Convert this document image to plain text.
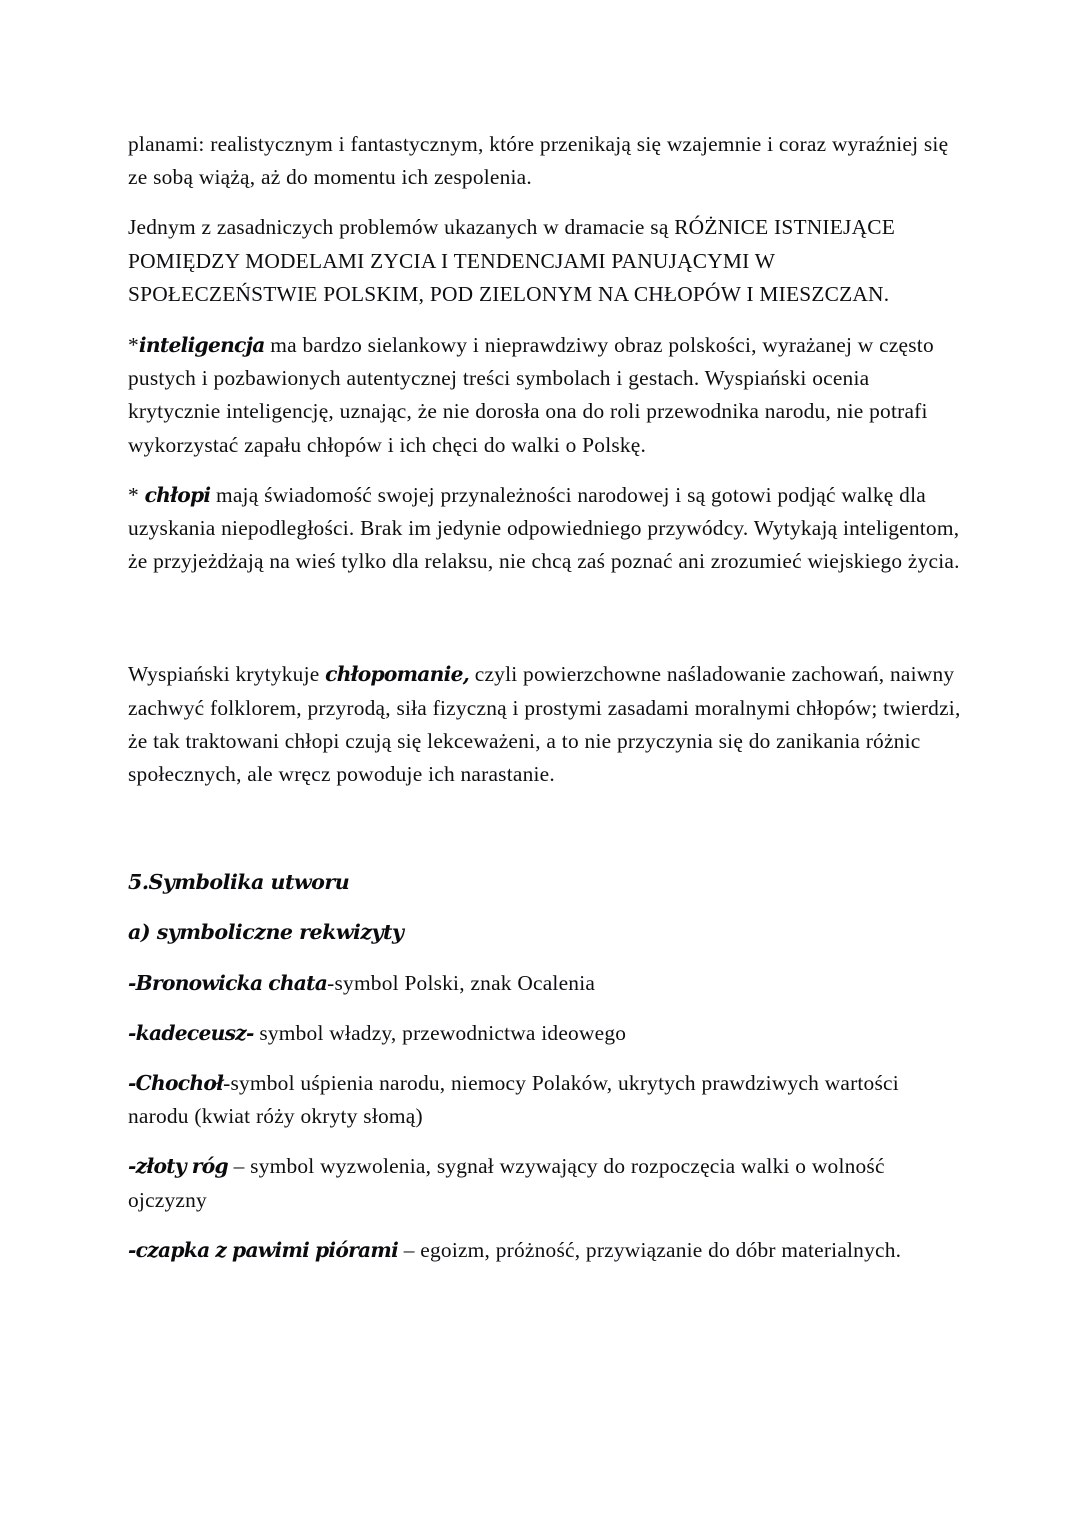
planami: realistycznym i fantastycznym, które przenikają się wzajemnie i coraz wyraźniej się ze sobą wiążą, aż do momentu ich zespolenia.

Jednym z zasadniczych problemów ukazanych w dramacie są RÓŻNICE ISTNIEJĄCE POMIĘDZY MODELAMI ZYCIA I TENDENCJAMI PANUJĄCYMI W SPOŁECZEŃSTWIE POLSKIM, POD ZIELONYM NA CHŁOPÓW I MIESZCZAN.

*inteligencja ma bardzo sielankowy i nieprawdziwy obraz polskości, wyrażanej w często pustych i pozbawionych autentycznej treści symbolach i gestach. Wyspiański ocenia krytycznie inteligencję, uznając, że nie dorosła ona do roli przewodnika narodu, nie potrafi wykorzystać zapału chłopów i ich chęci do walki o Polskę.

* chłopi mają świadomość swojej przynależności narodowej i są gotowi podjąć walkę dla uzyskania niepodległości. Brak im jedynie odpowiedniego przywódcy. Wytykają inteligentom, że przyjeżdżają na wieś tylko dla relaksu, nie chcą zaś poznać ani zrozumieć wiejskiego życia.

Wyspiański krytykuje chłopomanie, czyli powierzchowne naśladowanie zachowań, naiwny zachwyć folklorem, przyrodą, siła fizyczną i prostymi zasadami moralnymi chłopów; twierdzi, że tak traktowani chłopi czują się lekceważeni, a to nie przyczynia się do zanikania różnic społecznych, ale wręcz powoduje ich narastanie.

5.Symbolika utworu
a) symboliczne rekwizyty

-Bronowicka chata-symbol Polski, znak Ocalenia

-kadeceusz- symbol władzy, przewodnictwa ideowego

-Chochoł-symbol uśpienia narodu, niemocy Polaków, ukrytych prawdziwych wartości narodu (kwiat róży okryty słomą)

-złoty róg – symbol wyzwolenia, sygnał wzywający do rozpoczęcia walki o wolność ojczyzny

-czapka z pawimi piórami – egoizm, próżność, przywiązanie do dóbr materialnych.
